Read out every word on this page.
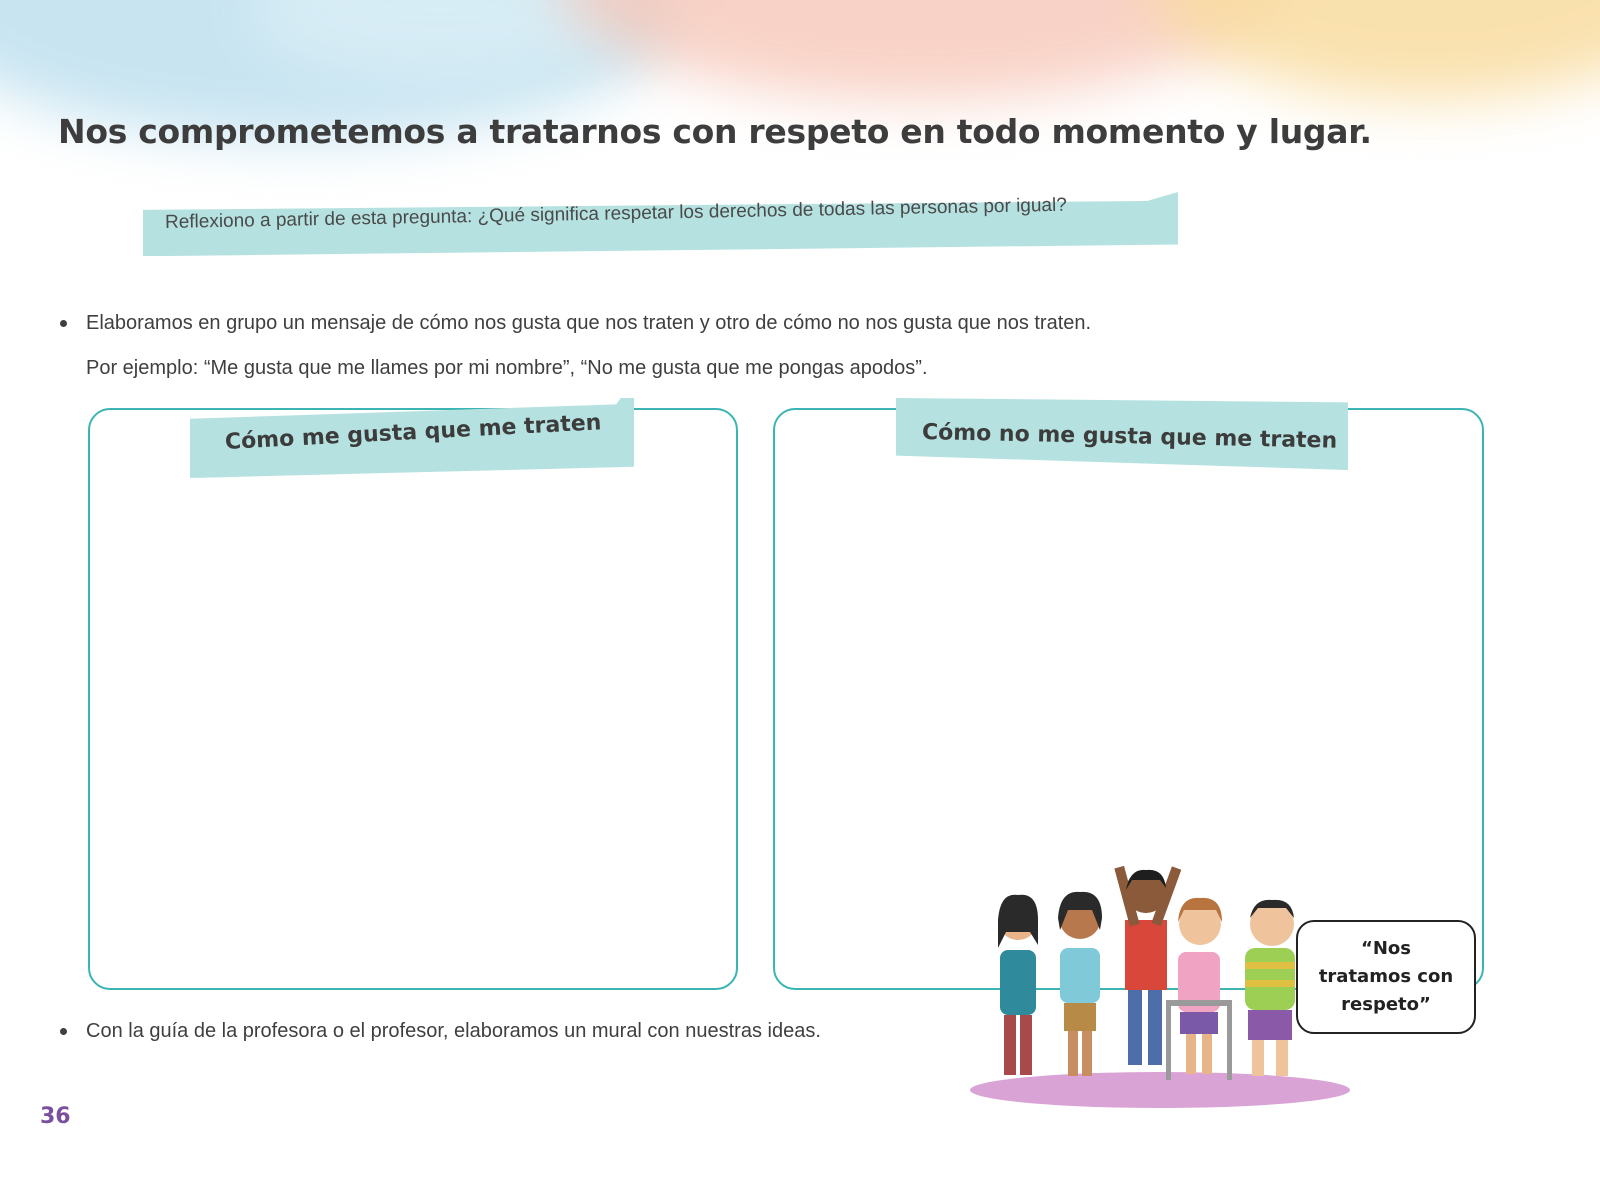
Nos comprometemos a tratarnos con respeto en todo momento y lugar.
Reflexiono a partir de esta pregunta: ¿Qué significa respetar los derechos de todas las personas por igual?
Elaboramos en grupo un mensaje de cómo nos gusta que nos traten y otro de cómo no nos gusta que nos traten.
Por ejemplo: “Me gusta que me llames por mi nombre”, “No me gusta que me pongas apodos”.
Cómo me gusta que me traten	Cómo no me gusta que me traten
“Nos
tratamos con
respeto”
Con la guía de la profesora o el profesor, elaboramos un mural con nuestras ideas.
36
